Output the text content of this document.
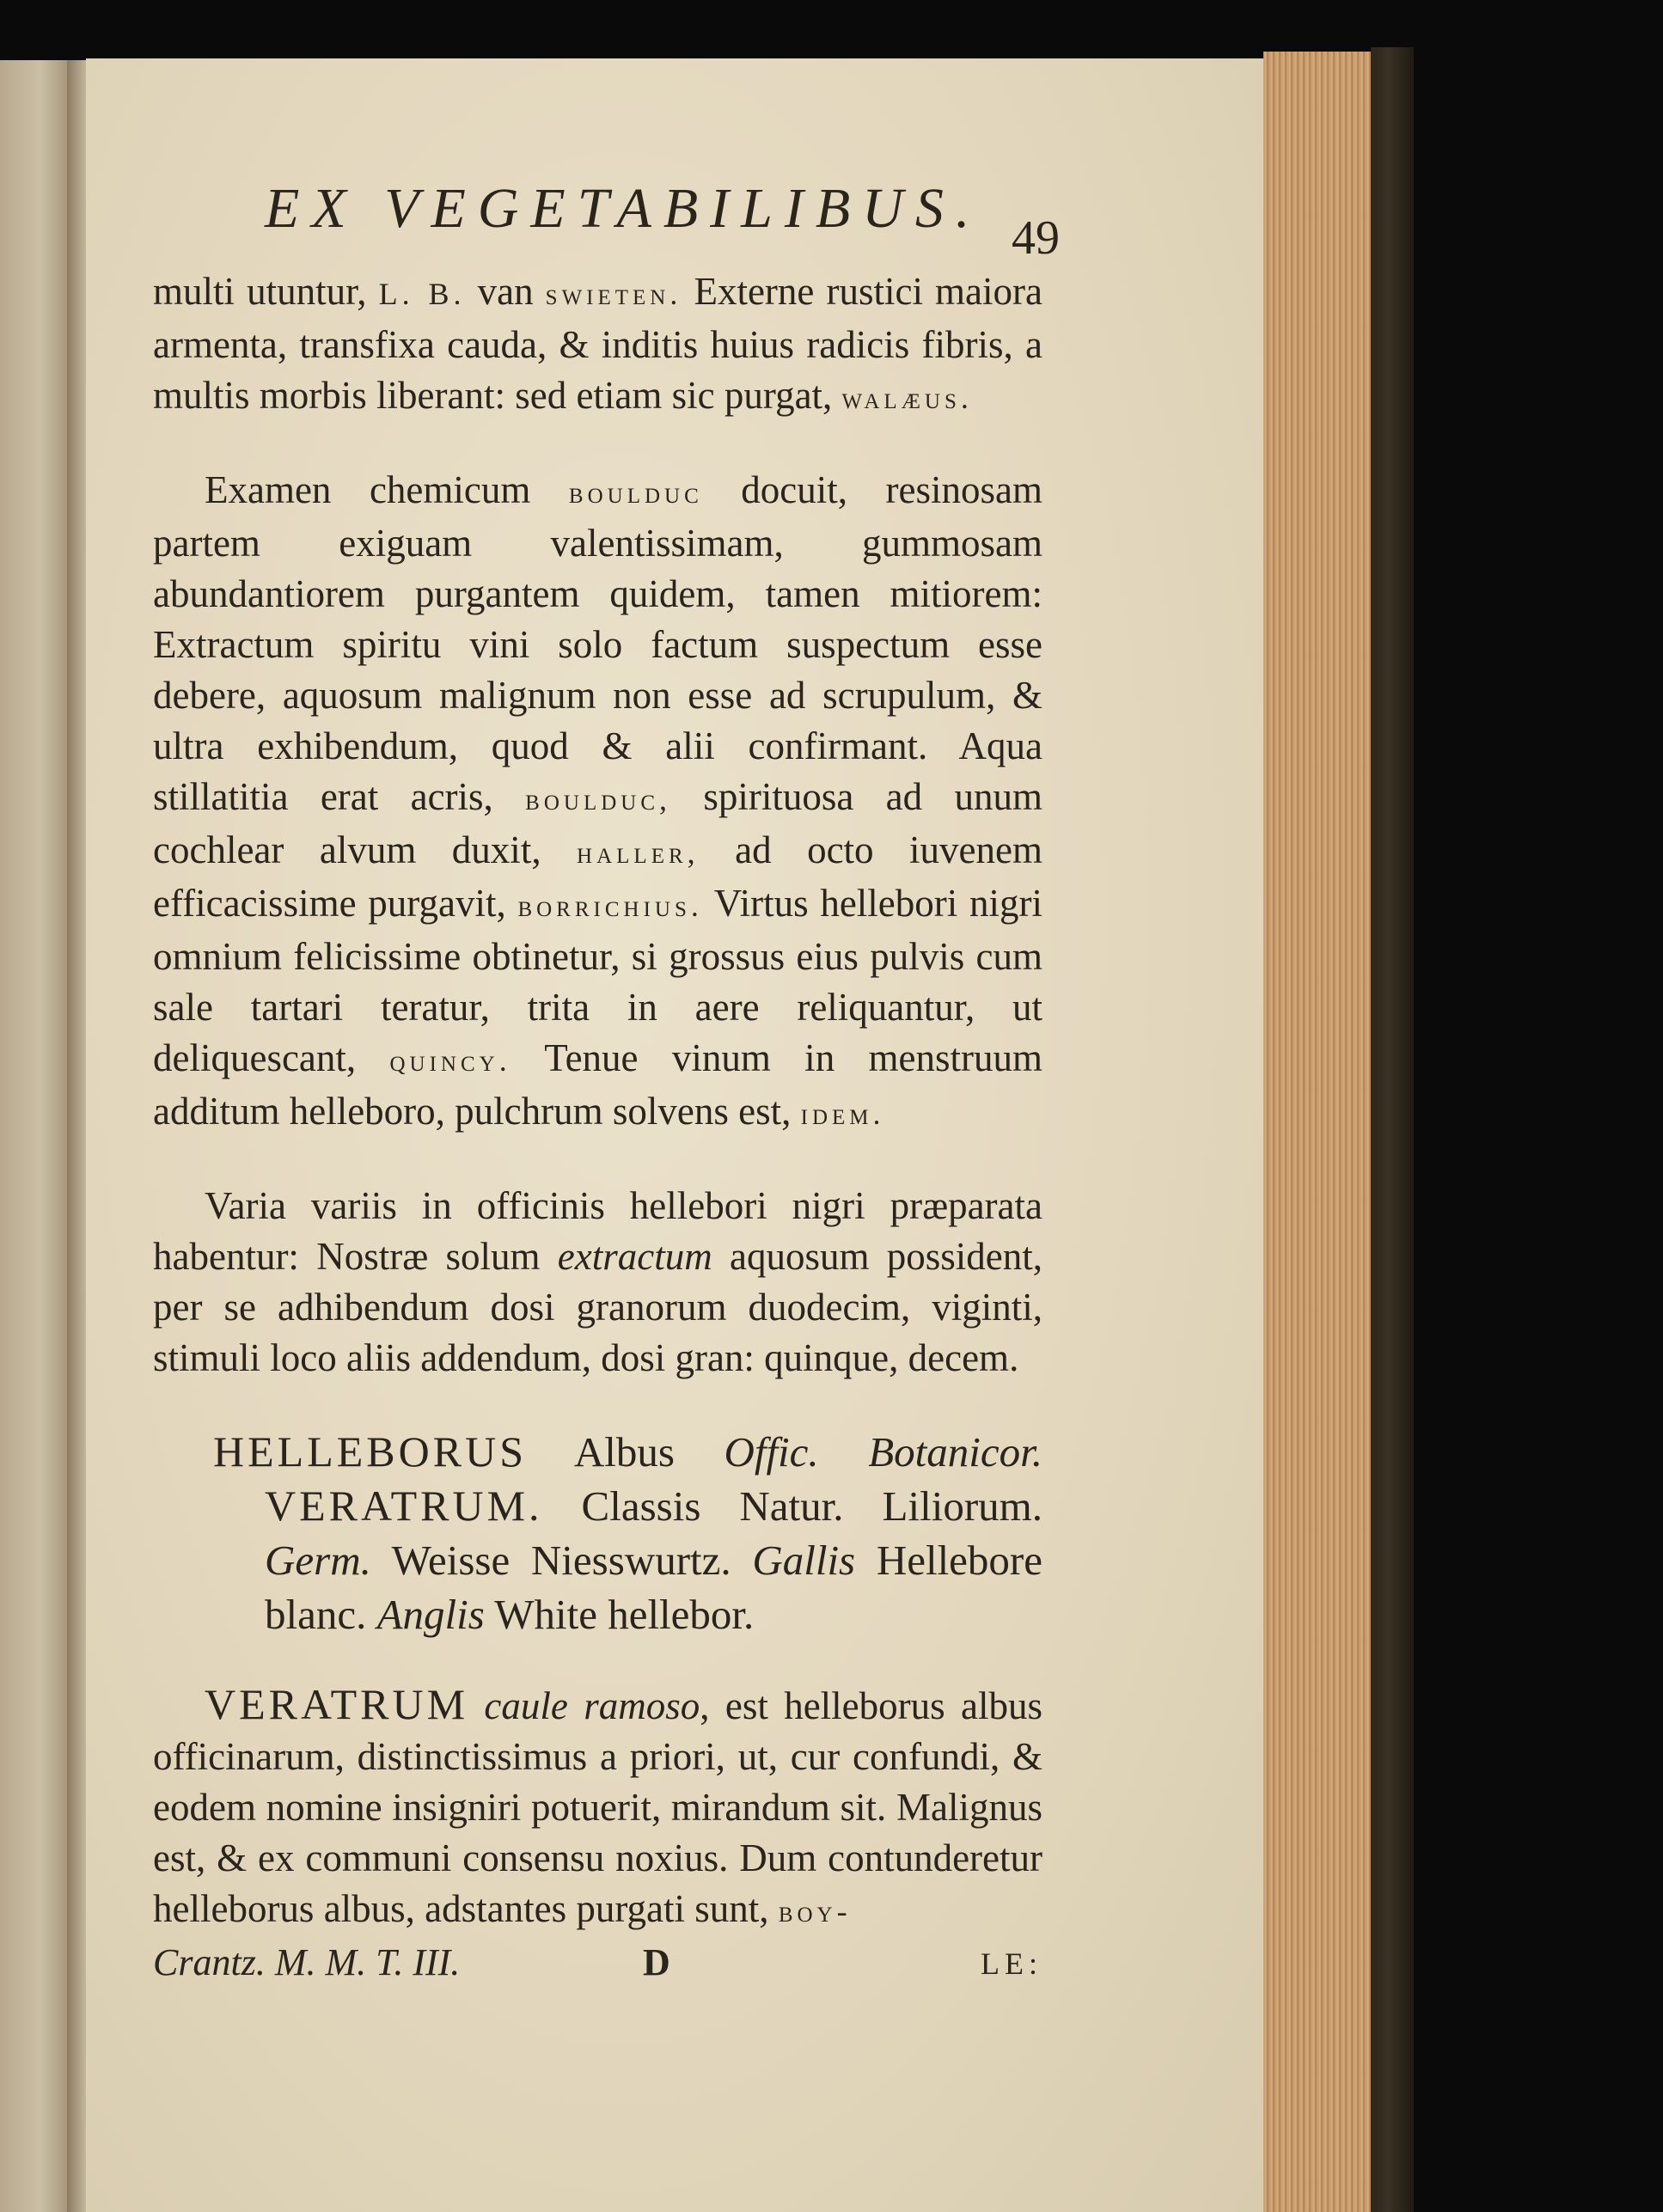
EX VEGETABILIBUS. 49

multi utuntur, L. B. van swieten. Externe rustici maiora armenta, transfixa cauda, & inditis huius radicis fibris, a multis morbis liberant: sed etiam sic purgat, walæus.

Examen chemicum boulduc docuit, resinosam partem exiguam valentissimam, gummosam abundantiorem purgantem quidem, tamen mitiorem: Extractum spiritu vini solo factum suspectum esse debere, aquosum malignum non esse ad scrupulum, & ultra exhibendum, quod & alii confirmant. Aqua stillatitia erat acris, boulduc, spirituosa ad unum cochlear alvum duxit, haller, ad octo iuvenem efficacissime purgavit, borrichius. Virtus hellebori nigri omnium felicissime obtinetur, si grossus eius pulvis cum sale tartari teratur, trita in aere reliquantur, ut deliquescant, quincy. Tenue vinum in menstruum additum helleboro, pulchrum solvens est, idem.

Varia variis in officinis hellebori nigri præparata habentur: Nostræ solum extractum aquosum possident, per se adhibendum dosi granorum duodecim, viginti, stimuli loco aliis addendum, dosi gran: quinque, decem.

HELLEBORUS Albus Offic. Botanicor. VERATRUM. Classis Natur. Liliorum. Germ. Weisse Niesswurtz. Gallis Hellebore blanc. Anglis White hellebor.

VERATRUM caule ramoso, est helleborus albus officinarum, distinctissimus a priori, ut, cur confundi, & eodem nomine insigniri potuerit, mirandum sit. Malignus est, & ex communi consensu noxius. Dum contunderetur helleborus albus, adstantes purgati sunt, boy-

Crantz. M. M. T. III.	D	LE:
